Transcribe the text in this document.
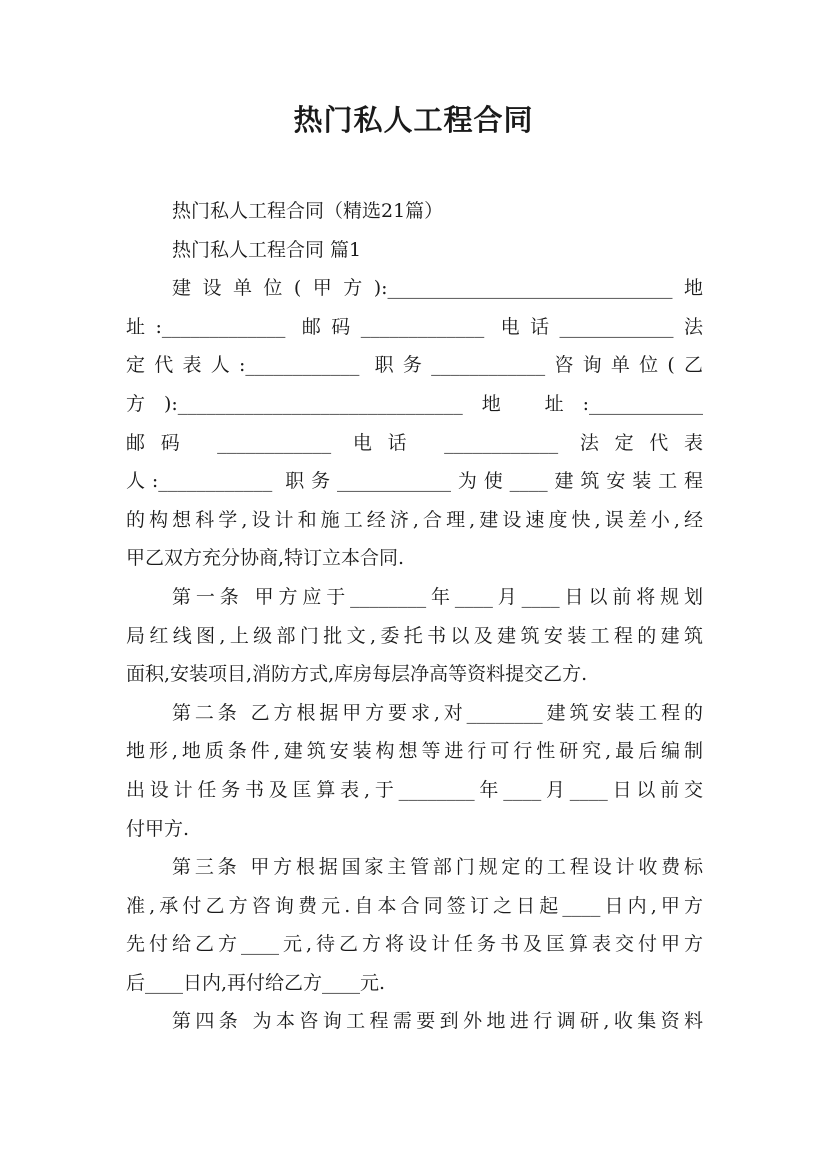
热门私人工程合同
热门私人工程合同（精选21篇）
热门私人工程合同 篇1
建设单位(甲方):______________________________地
址:_____________ 邮码_____________ 电话____________法
定代表人:____________ 职务____________咨询单位(乙
方):______________________________地 址:____________
邮码 ____________ 电话 ____________ 法定代表
人:____________ 职务____________为使____建筑安装工程
的构想科学,设计和施工经济,合理,建设速度快,误差小,经
甲乙双方充分协商,特订立本合同.
第一条 甲方应于________年____月____日以前将规划
局红线图,上级部门批文,委托书以及建筑安装工程的建筑
面积,安装项目,消防方式,库房每层净高等资料提交乙方.
第二条 乙方根据甲方要求,对________建筑安装工程的
地形,地质条件,建筑安装构想等进行可行性研究,最后编制
出设计任务书及匡算表,于________年____月____日以前交
付甲方.
第三条 甲方根据国家主管部门规定的工程设计收费标
准,承付乙方咨询费元.自本合同签订之日起____日内,甲方
先付给乙方____元,待乙方将设计任务书及匡算表交付甲方
后____日内,再付给乙方____元.
第四条 为本咨询工程需要到外地进行调研,收集资料
